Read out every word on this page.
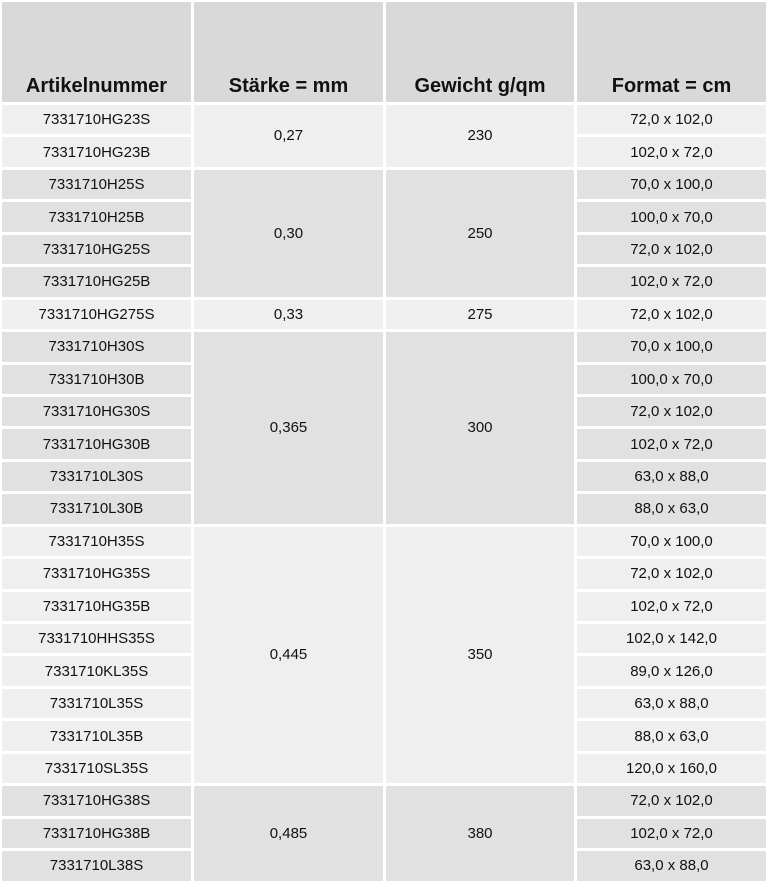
Artikelnummer	Stärke = mm	Gewicht g/qm	Format = cm
7331710HG23S	0,27	230	72,0 x 102,0
7331710HG23B			102,0 x 72,0
7331710H25S	0,30	250	70,0 x 100,0
7331710H25B			100,0 x 70,0
7331710HG25S			72,0 x 102,0
7331710HG25B			102,0 x 72,0
7331710HG275S	0,33	275	72,0 x 102,0
7331710H30S	0,365	300	70,0 x 100,0
7331710H30B			100,0 x 70,0
7331710HG30S			72,0 x 102,0
7331710HG30B			102,0 x 72,0
7331710L30S			63,0 x 88,0
7331710L30B			88,0 x 63,0
7331710H35S	0,445	350	70,0 x 100,0
7331710HG35S			72,0 x 102,0
7331710HG35B			102,0 x 72,0
7331710HHS35S			102,0 x 142,0
7331710KL35S			89,0 x 126,0
7331710L35S			63,0 x 88,0
7331710L35B			88,0 x 63,0
7331710SL35S			120,0 x 160,0
7331710HG38S	0,485	380	72,0 x 102,0
7331710HG38B			102,0 x 72,0
7331710L38S			63,0 x 88,0
